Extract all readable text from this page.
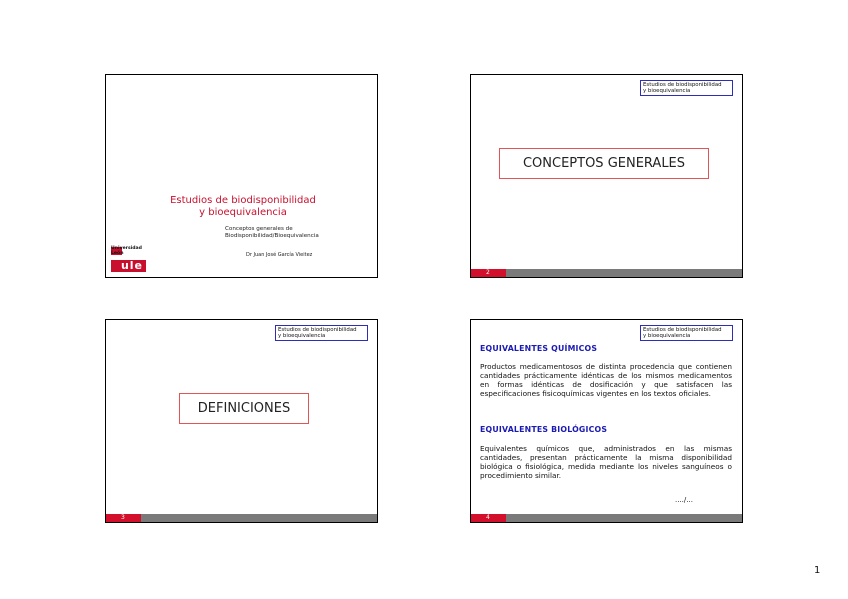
Estudios de biodisponibilidad
y bioequivalencia
Conceptos generales de
Biodisponibilidad/Bioequivalencia
Dr Juan José García Vieitez
Universidad
León
ule
Estudios de biodisponibilidad
y bioequivalencia
CONCEPTOS GENERALES
2
Estudios de biodisponibilidad
y bioequivalencia
DEFINICIONES
3
Estudios de biodisponibilidad
y bioequivalencia
EQUIVALENTES QUÍMICOS
Productos medicamentosos de distinta procedencia que contienen cantidades prácticamente idénticas de los mismos medicamentos en formas idénticas de dosificación y que satisfacen las especificaciones fisicoquímicas vigentes en los textos oficiales.
EQUIVALENTES BIOLÓGICOS
Equivalentes químicos que, administrados en las mismas cantidades, presentan prácticamente la misma disponibilidad biológica o fisiológica, medida mediante los niveles sanguíneos o procedimiento similar.
..../...
4
1
